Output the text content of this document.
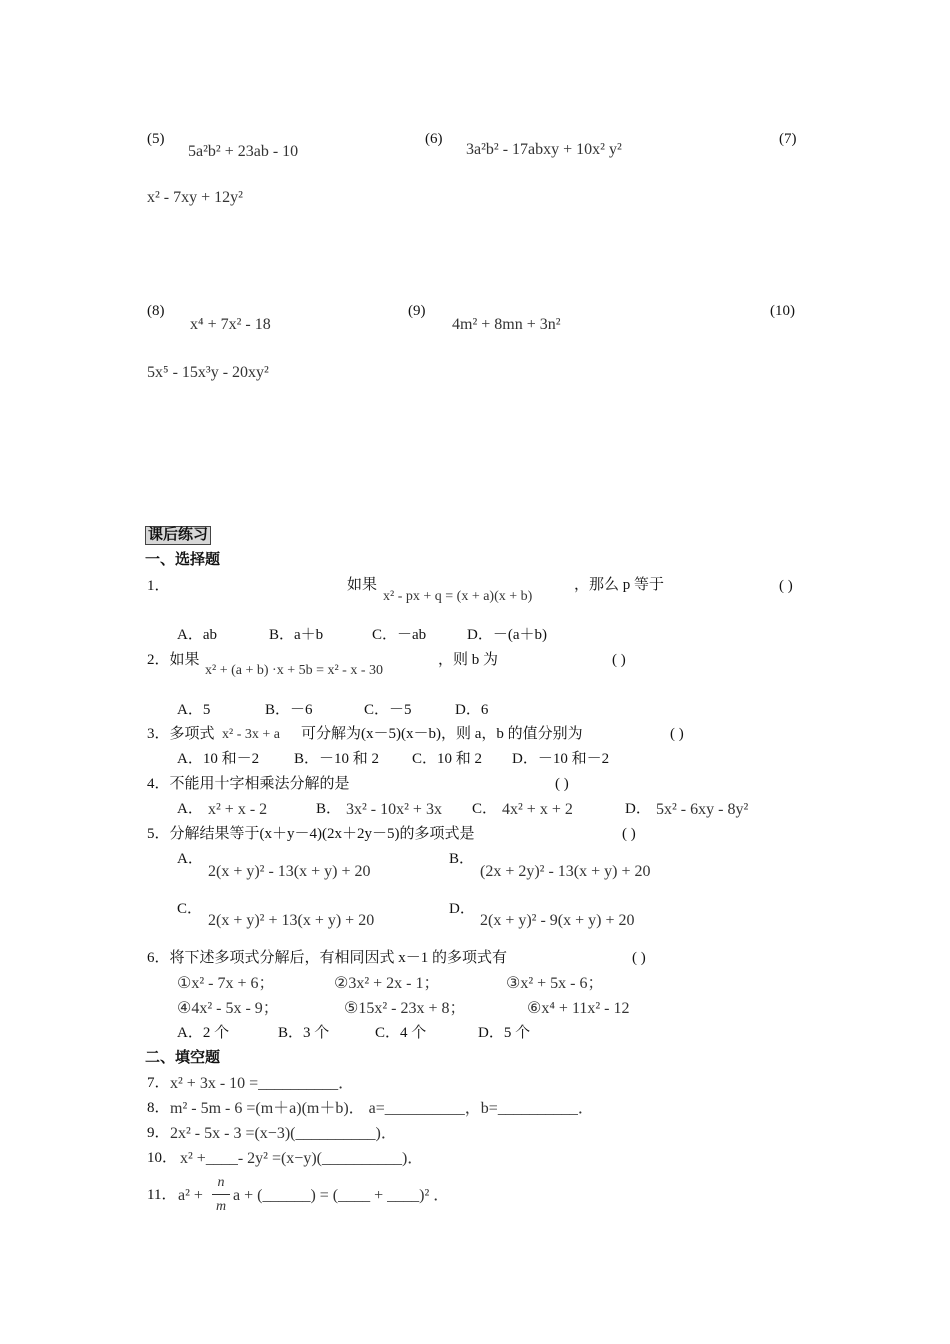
(5)
5a²b² + 23ab - 10
(6)
3a²b² - 17abxy + 10x² y²
(7)
x² - 7xy + 12y²
(8)
x⁴ + 7x² - 18
(9)
4m² + 8mn + 3n²
(10)
5x⁵ - 15x³y - 20xy²
课后练习
一、选择题
1．	如果
x² - px + q = (x + a)(x + b)
，那么 p 等于	( )
A．ab	B．a＋b	C．－ab	D．－(a＋b)
2．如果
x² + (a + b) ·x + 5b = x² - x - 30
，则 b 为	( )
A．5	B．－6	C．－5	D．6
3．多项式 x² - 3x + a 可分解为(x－5)(x－b)，则 a，b 的值分别为	( )
A．10 和－2 B．－10 和 2 C．10 和 2 D．－10 和－2
4．不能用十字相乘法分解的是	( )
A． x² + x - 2	B． 3x² - 10x² + 3x C． 4x² + x + 2	D． 5x² - 6xy - 8y²
5．分解结果等于(x＋y－4)(2x＋2y－5)的多项式是	( )
A．
2(x + y)² - 13(x + y) + 20
B．
(2x + 2y)² - 13(x + y) + 20
C．
2(x + y)² + 13(x + y) + 20
D．
2(x + y)² - 9(x + y) + 20
6．将下述多项式分解后，有相同因式 x－1 的多项式有	( )
①x² - 7x + 6；	②3x² + 2x - 1；	③x² + 5x - 6；
④4x² - 5x - 9；	⑤15x² - 23x + 8；	⑥x⁴ + 11x² - 12
A．2 个	B．3 个	C．4 个	D．5 个
二、填空题
7． x² + 3x - 10 =__________．
8． m² - 5m - 6 =(m＋a)(m＋b)． a=__________，b=__________．
9． 2x² - 5x - 3 =(x−3)(__________)．
10． x² +____- 2y² =(x−y)(__________)．
11． a² +
n
m
a + (______) = (____ + ____)² ．
